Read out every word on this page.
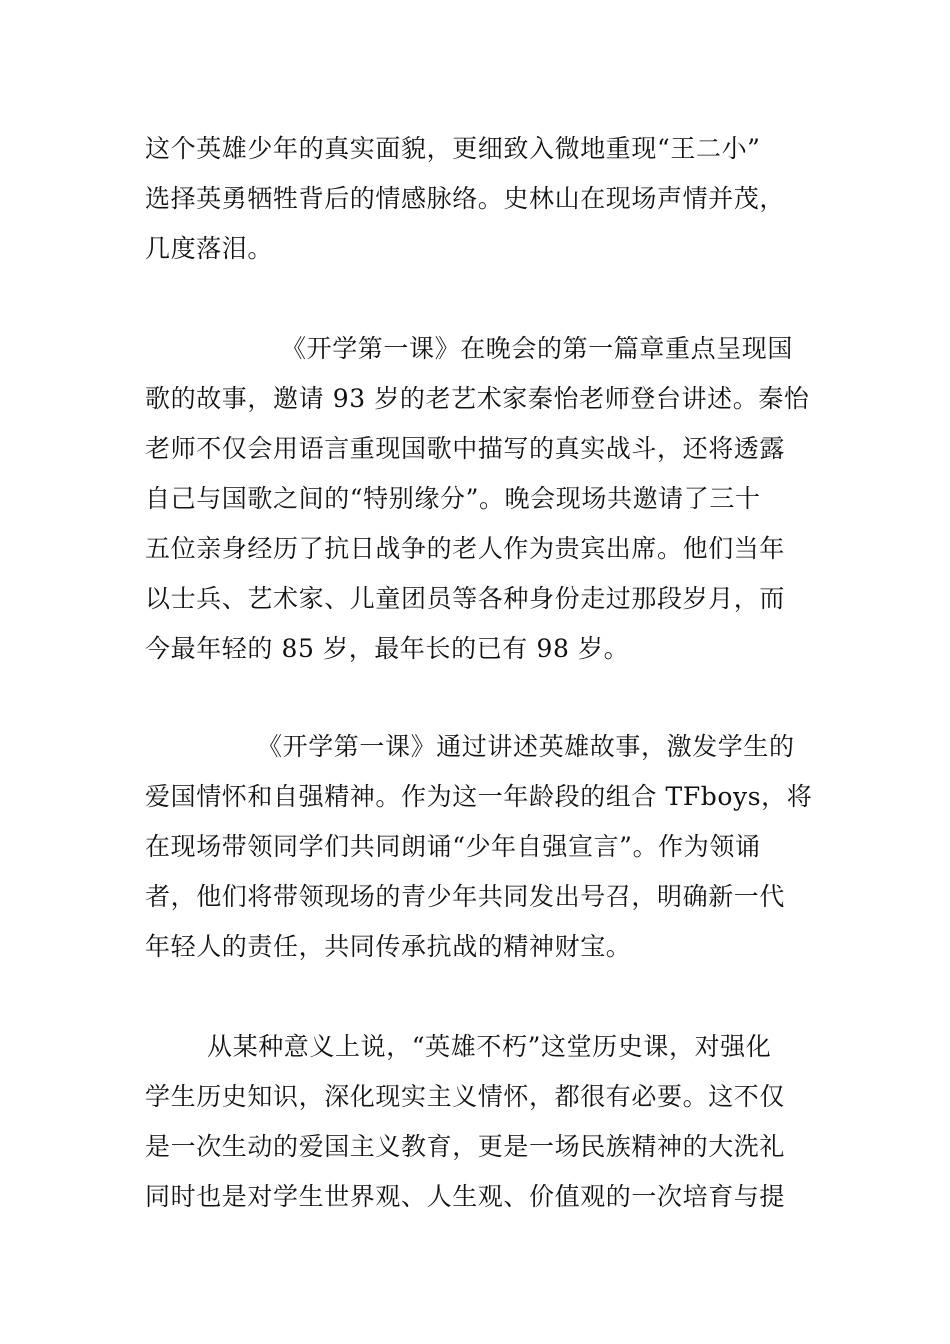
这个英雄少年的真实面貌，更细致入微地重现“王二小”
选择英勇牺牲背后的情感脉络。史林山在现场声情并茂，
几度落泪。
《开学第一课》在晚会的第一篇章重点呈现国
歌的故事，邀请 93 岁的老艺术家秦怡老师登台讲述。秦怡
老师不仅会用语言重现国歌中描写的真实战斗，还将透露
自己与国歌之间的“特别缘分”。晚会现场共邀请了三十
五位亲身经历了抗日战争的老人作为贵宾出席。他们当年
以士兵、艺术家、儿童团员等各种身份走过那段岁月，而
今最年轻的 85 岁，最年长的已有 98 岁。
《开学第一课》通过讲述英雄故事，激发学生的
爱国情怀和自强精神。作为这一年龄段的组合 TFboys，将
在现场带领同学们共同朗诵“少年自强宣言”。作为领诵
者，他们将带领现场的青少年共同发出号召，明确新一代
年轻人的责任，共同传承抗战的精神财宝。
从某种意义上说，“英雄不朽”这堂历史课，对强化
学生历史知识，深化现实主义情怀，都很有必要。这不仅
是一次生动的爱国主义教育，更是一场民族精神的大洗礼
同时也是对学生世界观、人生观、价值观的一次培育与提
